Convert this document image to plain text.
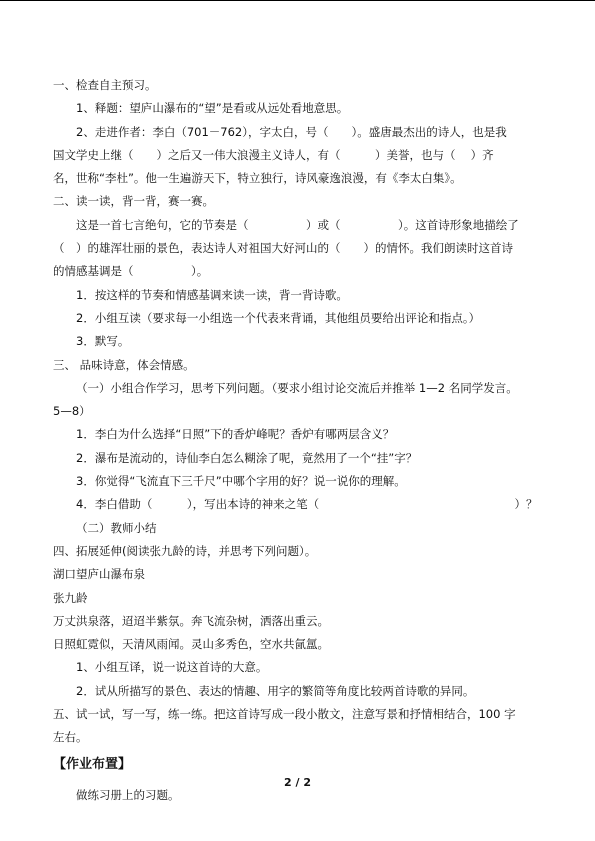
一、检查自主预习。
1、释题：望庐山瀑布的“望”是看或从远处看地意思。
2、走进作者：李白（701－762），字太白，号（　　）。盛唐最杰出的诗人，也是我
国文学史上继（　　）之后又一伟大浪漫主义诗人，有（　　　）美誉，也与（　 ）齐
名，世称“李杜”。他一生遍游天下，特立独行，诗风豪逸浪漫，有《李太白集》。
二、读一读，背一背，赛一赛。
这是一首七言绝句，它的节奏是（　　　　　）或（　　　　　）。这首诗形象地描绘了
（　）的雄浑壮丽的景色，表达诗人对祖国大好河山的（　　）的情怀。我们朗读时这首诗
的情感基调是（　　　　　）。
1．按这样的节奏和情感基调来读一读，背一背诗歌。
2．小组互读（要求每一小组选一个代表来背诵，其他组员要给出评论和指点。）
3．默写。
三、 品味诗意，体会情感。
（一）小组合作学习，思考下列问题。（要求小组讨论交流后并推举 1—2 名同学发言。
5—8）
1．李白为什么选择“日照”下的香炉峰呢？香炉有哪两层含义？
2．瀑布是流动的，诗仙李白怎么糊涂了呢，竟然用了一个“挂”字？
3．你觉得“飞流直下三千尺”中哪个字用的好？说一说你的理解。
4．李白借助（　　　），写出本诗的神来之笔（　　　　　　　　　　　　　　　　　）？
（二）教师小结
四、拓展延伸(阅读张九龄的诗，并思考下列问题）。
湖口望庐山瀑布泉
张九龄
万丈洪泉落，迢迢半紫氛。奔飞流杂树，洒落出重云。
日照虹霓似，天清风雨闻。灵山多秀色，空水共氤氲。
1、小组互译，说一说这首诗的大意。
2．试从所描写的景色、表达的情趣、用字的繁简等角度比较两首诗歌的异同。
五、试一试，写一写，练一练。把这首诗写成一段小散文，注意写景和抒情相结合，100 字
左右。
【作业布置】
做练习册上的习题。
2 / 2
